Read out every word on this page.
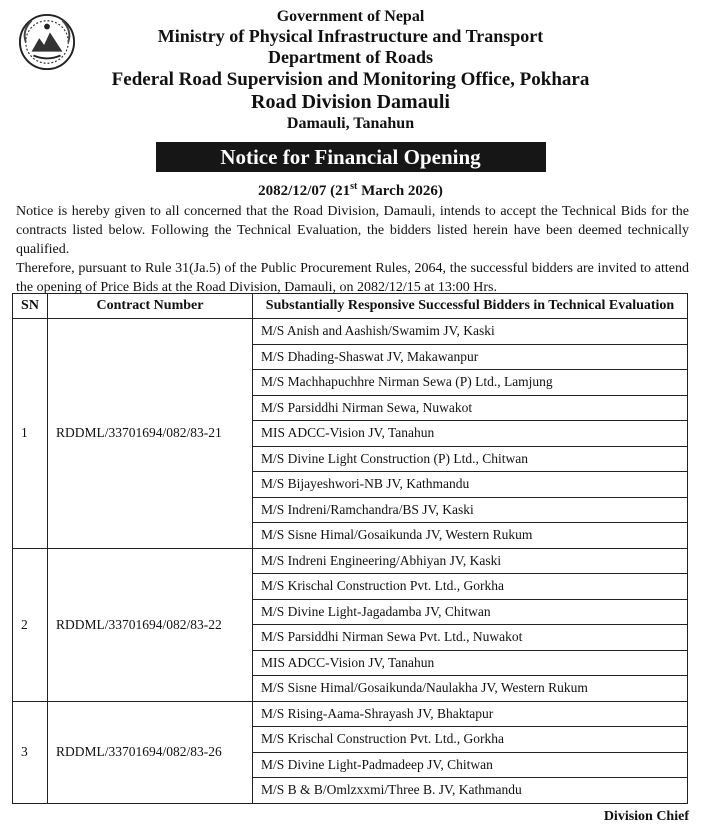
Government of Nepal
Ministry of Physical Infrastructure and Transport
Department of Roads
Federal Road Supervision and Monitoring Office, Pokhara
Road Division Damauli
Damauli, Tanahun
Notice for Financial Opening
2082/12/07 (21st March 2026)
Notice is hereby given to all concerned that the Road Division, Damauli, intends to accept the Technical Bids for the contracts listed below. Following the Technical Evaluation, the bidders listed herein have been deemed technically qualified.
Therefore, pursuant to Rule 31(Ja.5) of the Public Procurement Rules, 2064, the successful bidders are invited to attend the opening of Price Bids at the Road Division, Damauli, on 2082/12/15 at 13:00 Hrs.
SN	Contract Number	Substantially Responsive Successful Bidders in Technical Evaluation
1	RDDML/33701694/082/83-21	M/S Anish and Aashish/Swamim JV, Kaski
		M/S Dhading-Shaswat JV, Makawanpur
		M/S Machhapuchhre Nirman Sewa (P) Ltd., Lamjung
		M/S Parsiddhi Nirman Sewa, Nuwakot
		MIS ADCC-Vision JV, Tanahun
		M/S Divine Light Construction (P) Ltd., Chitwan
		M/S Bijayeshwori-NB JV, Kathmandu
		M/S Indreni/Ramchandra/BS JV, Kaski
		M/S Sisne Himal/Gosaikunda JV, Western Rukum
2	RDDML/33701694/082/83-22	M/S Indreni Engineering/Abhiyan JV, Kaski
		M/S Krischal Construction Pvt. Ltd., Gorkha
		M/S Divine Light-Jagadamba JV, Chitwan
		M/S Parsiddhi Nirman Sewa Pvt. Ltd., Nuwakot
		MIS ADCC-Vision JV, Tanahun
		M/S Sisne Himal/Gosaikunda/Naulakha JV, Western Rukum
3	RDDML/33701694/082/83-26	M/S Rising-Aama-Shrayash JV, Bhaktapur
		M/S Krischal Construction Pvt. Ltd., Gorkha
		M/S Divine Light-Padmadeep JV, Chitwan
		M/S B & B/Omlzxxmi/Three B. JV, Kathmandu
Division Chief
